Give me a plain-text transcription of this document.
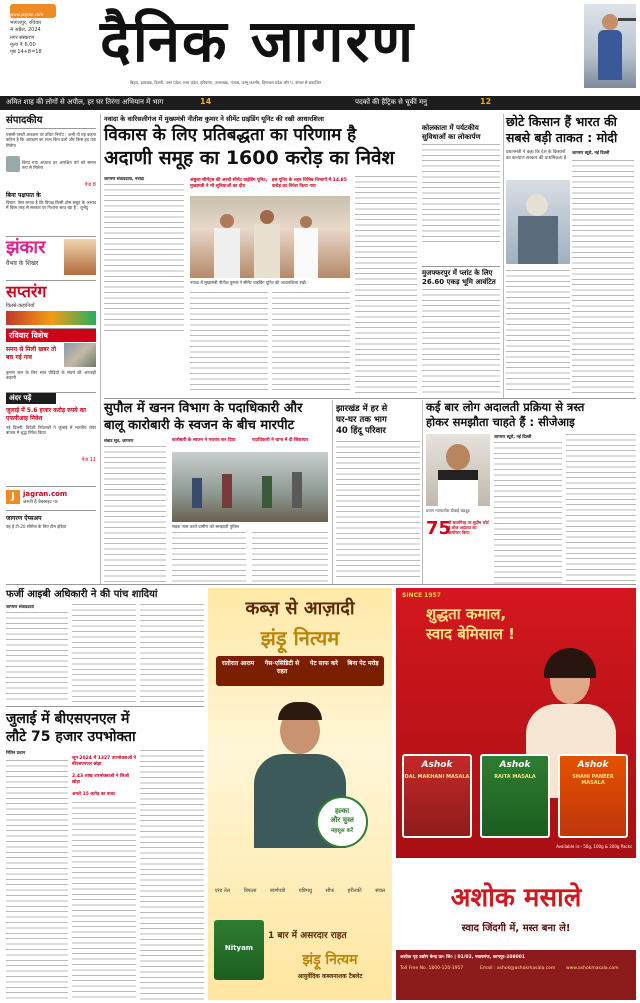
भागलपुर, रविवार
4 अप्रैल, 2024
नगर संस्करण
मूल्य ₹ 6.00
पृष्ठ 14+8=18
www.jagran.com दैनिक जागरण
बिहार, झारखंड, दिल्ली, उत्तर प्रदेश, मध्य प्रदेश, हरियाणा, उत्तराखंड, पंजाब, जम्मू-कश्मीर, हिमाचल प्रदेश और प. बंगाल से प्रकाशित
अमित शाह की लोगों से अपील, हर घर तिरंगा अभियान में भाग	14	पदकों की हैट्रिक से चूकीं मनु	12
संपादकीय
एससी-एसटी आरक्षण पर उचित निर्णय : अभी तो यह कहना कठिन है कि आरक्षण का लाभ किन दलों और किस हद तक मिलेगा
किया गया अपराध हर आरक्षित वर्ग को समान रूप से मिलेगा
पेज 8
बिना पक्षपात के
विचार: ऐसा लगता है कि विपक्ष किसी ठोस सबूत के अभाव में किस तरह से सरकार पर निशाना साध रहा है : शुभेंदु
झंकार
वैभव के शिखर
सप्तरंग
किस्से-कहानियाँ
रविवार विशेष
समय से मिली खबर तो बच गई नाव
कृष्णा जल के लिए सात पीढ़ियों के संघर्ष की अनकही कहानी
अंदर पढ़ें
जुलाई में 5.6 हजार करोड़ रुपये का एफपीआइ निवेश
नई दिल्ली: विदेशी निवेशकों ने जुलाई में भारतीय शेयर बाजार में शुद्ध निवेश किया
पेज 11
J	jagran.com
जरूरी है वेबसाइट पर
जागरण ऐप्सअप
यह है टी-20 सीरीज के लिए टीम इंडिया
नवादा के वारिसलीगंज में मुख्यमंत्री नीतीश कुमार ने सीमेंट ग्राइंडिंग यूनिट की रखी आधारशिला
विकास के लिए प्रतिबद्धता का परिणाम है
अदाणी समूह का 1600 करोड़ का निवेश
जागरण संवाददाता, नवादा	अंबुजा सीमेंट्स की अरबों सीमेंट ग्राइंडिंग यूनिट, मुख्यमंत्री ने भी सुविधाओं का दौरा
इस यूनिट के तहत विभिन्न विभागों में 14.85 करोड़ का निवेश किया गया
नवादा में मुख्यमंत्री नीतीश कुमार ने सीमेंट ग्राइंडिंग यूनिट की आधारशिला रखी
कोलकाता में पर्यटकीय सुविधाओं का लोकार्पण
मुजफ्फरपुर में प्लांट के लिए 26.60 एकड़ भूमि आवंटित
छोटे किसान हैं भारत की
सबसे बड़ी ताकत : मोदी
प्रधानमंत्री ने कहा कि देश के किसानों का कल्याण सरकार की प्राथमिकता है
जागरण ब्यूरो, नई दिल्ली
सुपौल में खनन विभाग के पदाधिकारी और
बालू कारोबारी के स्वजन के बीच मारपीट
संवाद सूत्र, जागरण	कारोबारी के स्वजन ने पथराव कर दिया	पदाधिकारी ने थाना में दी शिकायत
सड़क जाम करते ग्रामीण को समझाती पुलिस
झारखंड में हर से
घर-घर तक भाग
40 हिंदू परिवार
कई बार लोग अदालती प्रक्रिया से त्रस्त
होकर समझौता चाहते हैं : सीजेआइ
प्रधान न्यायाधीश डीवाई चंद्रचूड़
75
वीं सालगिरह पर सुप्रीम कोर्ट ने लोक अदालत का आयोजन किया
जागरण ब्यूरो, नई दिल्ली
फर्जी आइबी अधिकारी ने की पांच शादियां
जागरण संवाददाता
जुलाई में बीएसएनएल में
लौटे 75 हजार उपभोक्ता
नितिन प्रधान
जून 2024 में 1327 उपभोक्ताओं ने बीएसएनएल छोड़ा
2.43 लाख उपभोक्ताओं ने जिओ छोड़ा
अगले 15 करोड़ का बजट
कब्ज़ से आज़ादी
झंड़ू नित्यम
रातोरात आराम	गैस-एसिडिटी से राहत
पेट साफ करे	बिना पेट मरोड़
हल्का
और चुस्त
महसूस करें
एरंड तेल	त्रिफला	स्वर्णपत्री	यष्टिमधु	सौंफ	हरीतकी	संचल
Nityam
1 बार में असरदार राहत
झंड़ू नित्यम
आयुर्वेदिक कब्जनाशक टैबलेट
SINCE 1957
शुद्धता कमाल,
स्वाद बेमिसाल !
Ashok
DAL MAKHANI MASALA
Ashok
RAITA MASALA
Ashok
SHAHI PANEER MASALA
Available in:- 50g, 100g & 200g Packs
अशोक मसाले
स्वाद जिंदगी में, मस्त बना ले!
अशोक गृह उद्योग केन्द्र प्रा० लि० | 01/02, नवाबगंज, कानपुर-208001
Toll Free No. 1800-120-1957	Email : ashok@ashokmasala.com www.ashokmasala.com
